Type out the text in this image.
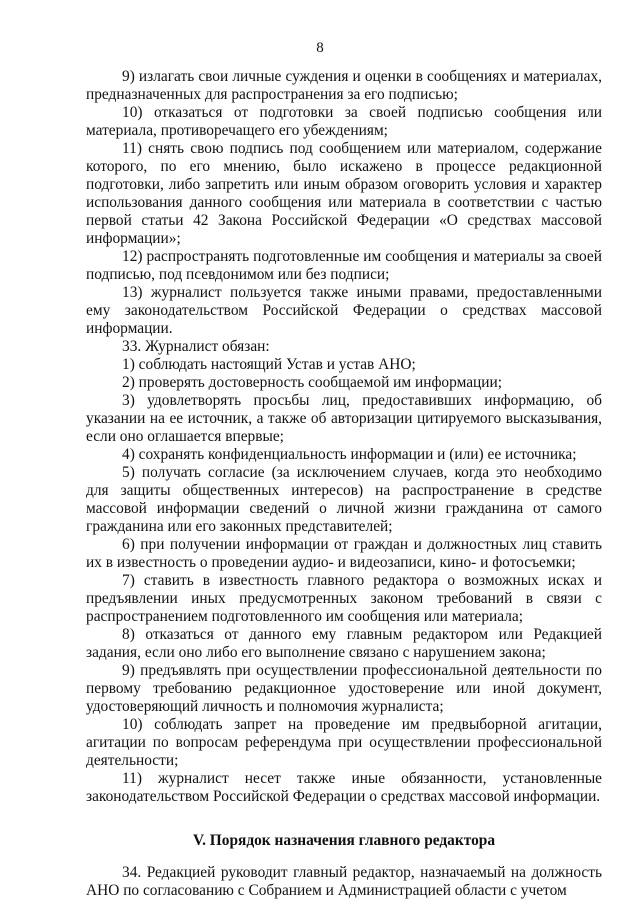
8

9) излагать свои личные суждения и оценки в сообщениях и материалах, предназначенных для распространения за его подписью;

10) отказаться от подготовки за своей подписью сообщения или материала, противоречащего его убеждениям;

11) снять свою подпись под сообщением или материалом, содержание которого, по его мнению, было искажено в процессе редакционной подготовки, либо запретить или иным образом оговорить условия и характер использования данного сообщения или материала в соответствии с частью первой статьи 42 Закона Российской Федерации «О средствах массовой информации»;

12) распространять подготовленные им сообщения и материалы за своей подписью, под псевдонимом или без подписи;

13) журналист пользуется также иными правами, предоставленными ему законодательством Российской Федерации о средствах массовой информации.

33. Журналист обязан:

1) соблюдать настоящий Устав и устав АНО;

2) проверять достоверность сообщаемой им информации;

3) удовлетворять просьбы лиц, предоставивших информацию, об указании на ее источник, а также об авторизации цитируемого высказывания, если оно оглашается впервые;

4) сохранять конфиденциальность информации и (или) ее источника;

5) получать согласие (за исключением случаев, когда это необходимо для защиты общественных интересов) на распространение в средстве массовой информации сведений о личной жизни гражданина от самого гражданина или его законных представителей;

6) при получении информации от граждан и должностных лиц ставить их в известность о проведении аудио- и видеозаписи, кино- и фотосъемки;

7) ставить в известность главного редактора о возможных исках и предъявлении иных предусмотренных законом требований в связи с распространением подготовленного им сообщения или материала;

8) отказаться от данного ему главным редактором или Редакцией задания, если оно либо его выполнение связано с нарушением закона;

9) предъявлять при осуществлении профессиональной деятельности по первому требованию редакционное удостоверение или иной документ, удостоверяющий личность и полномочия журналиста;

10) соблюдать запрет на проведение им предвыборной агитации, агитации по вопросам референдума при осуществлении профессиональной деятельности;

11) журналист несет также иные обязанности, установленные законодательством Российской Федерации о средствах массовой информации.

V. Порядок назначения главного редактора

34. Редакцией руководит главный редактор, назначаемый на должность АНО по согласованию с Собранием и Администрацией области с учетом
